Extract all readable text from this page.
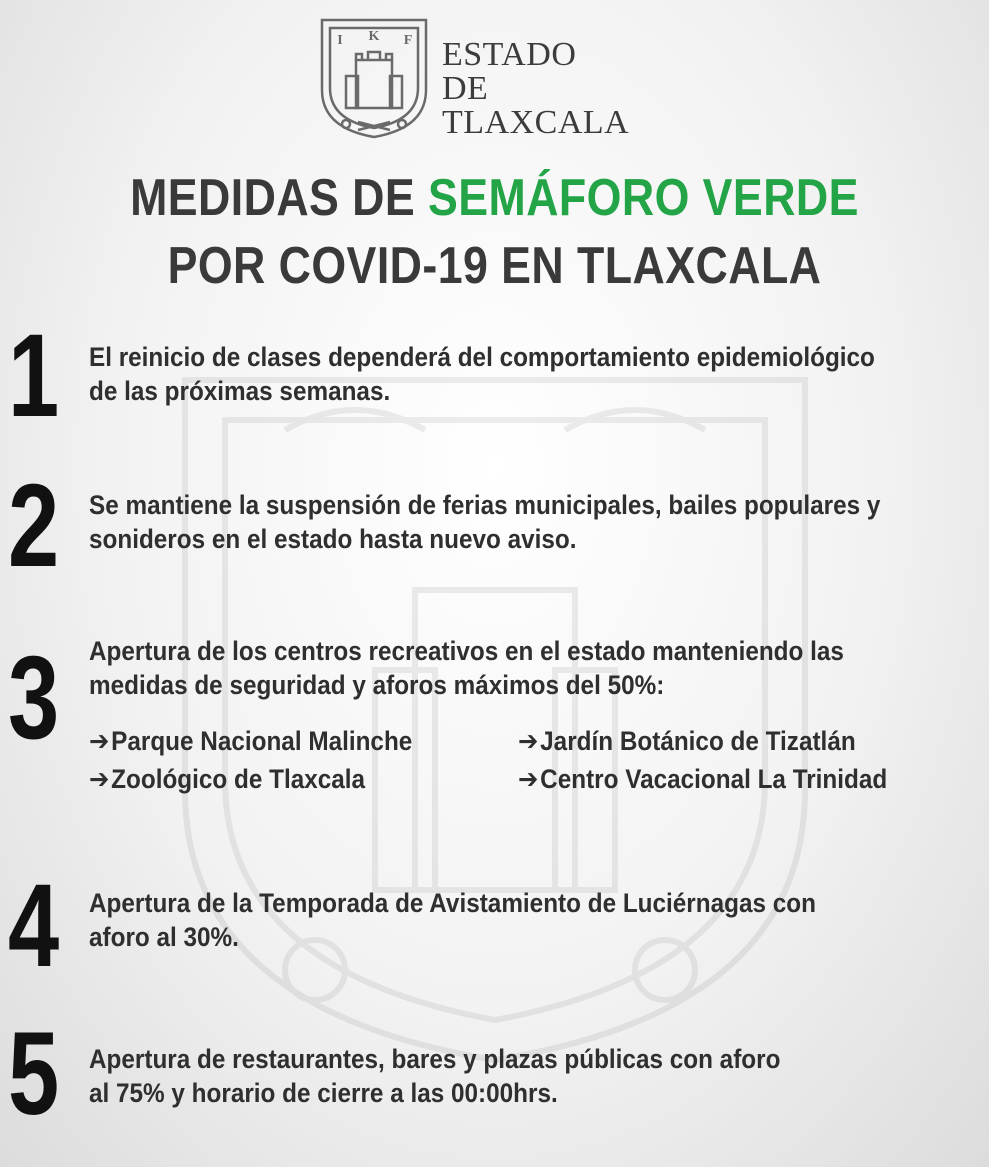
I K F ESTADO
DE TLAXCALA
MEDIDAS DE SEMÁFORO VERDE
POR COVID-19 EN TLAXCALA
1 El reinicio de clases dependerá del comportamiento epidemiológico
de las próximas semanas.
2 Se mantiene la suspensión de ferias municipales, bailes populares y
sonideros en el estado hasta nuevo aviso.
3 Apertura de los centros recreativos en el estado manteniendo las
medidas de seguridad y aforos máximos del 50%:
➔Parque Nacional Malinche	➔Jardín Botánico de Tizatlán
➔Zoológico de Tlaxcala	➔Centro Vacacional La Trinidad
4 Apertura de la Temporada de Avistamiento de Luciérnagas con
aforo al 30%.
5 Apertura de restaurantes, bares y plazas públicas con aforo
al 75% y horario de cierre a las 00:00hrs.
